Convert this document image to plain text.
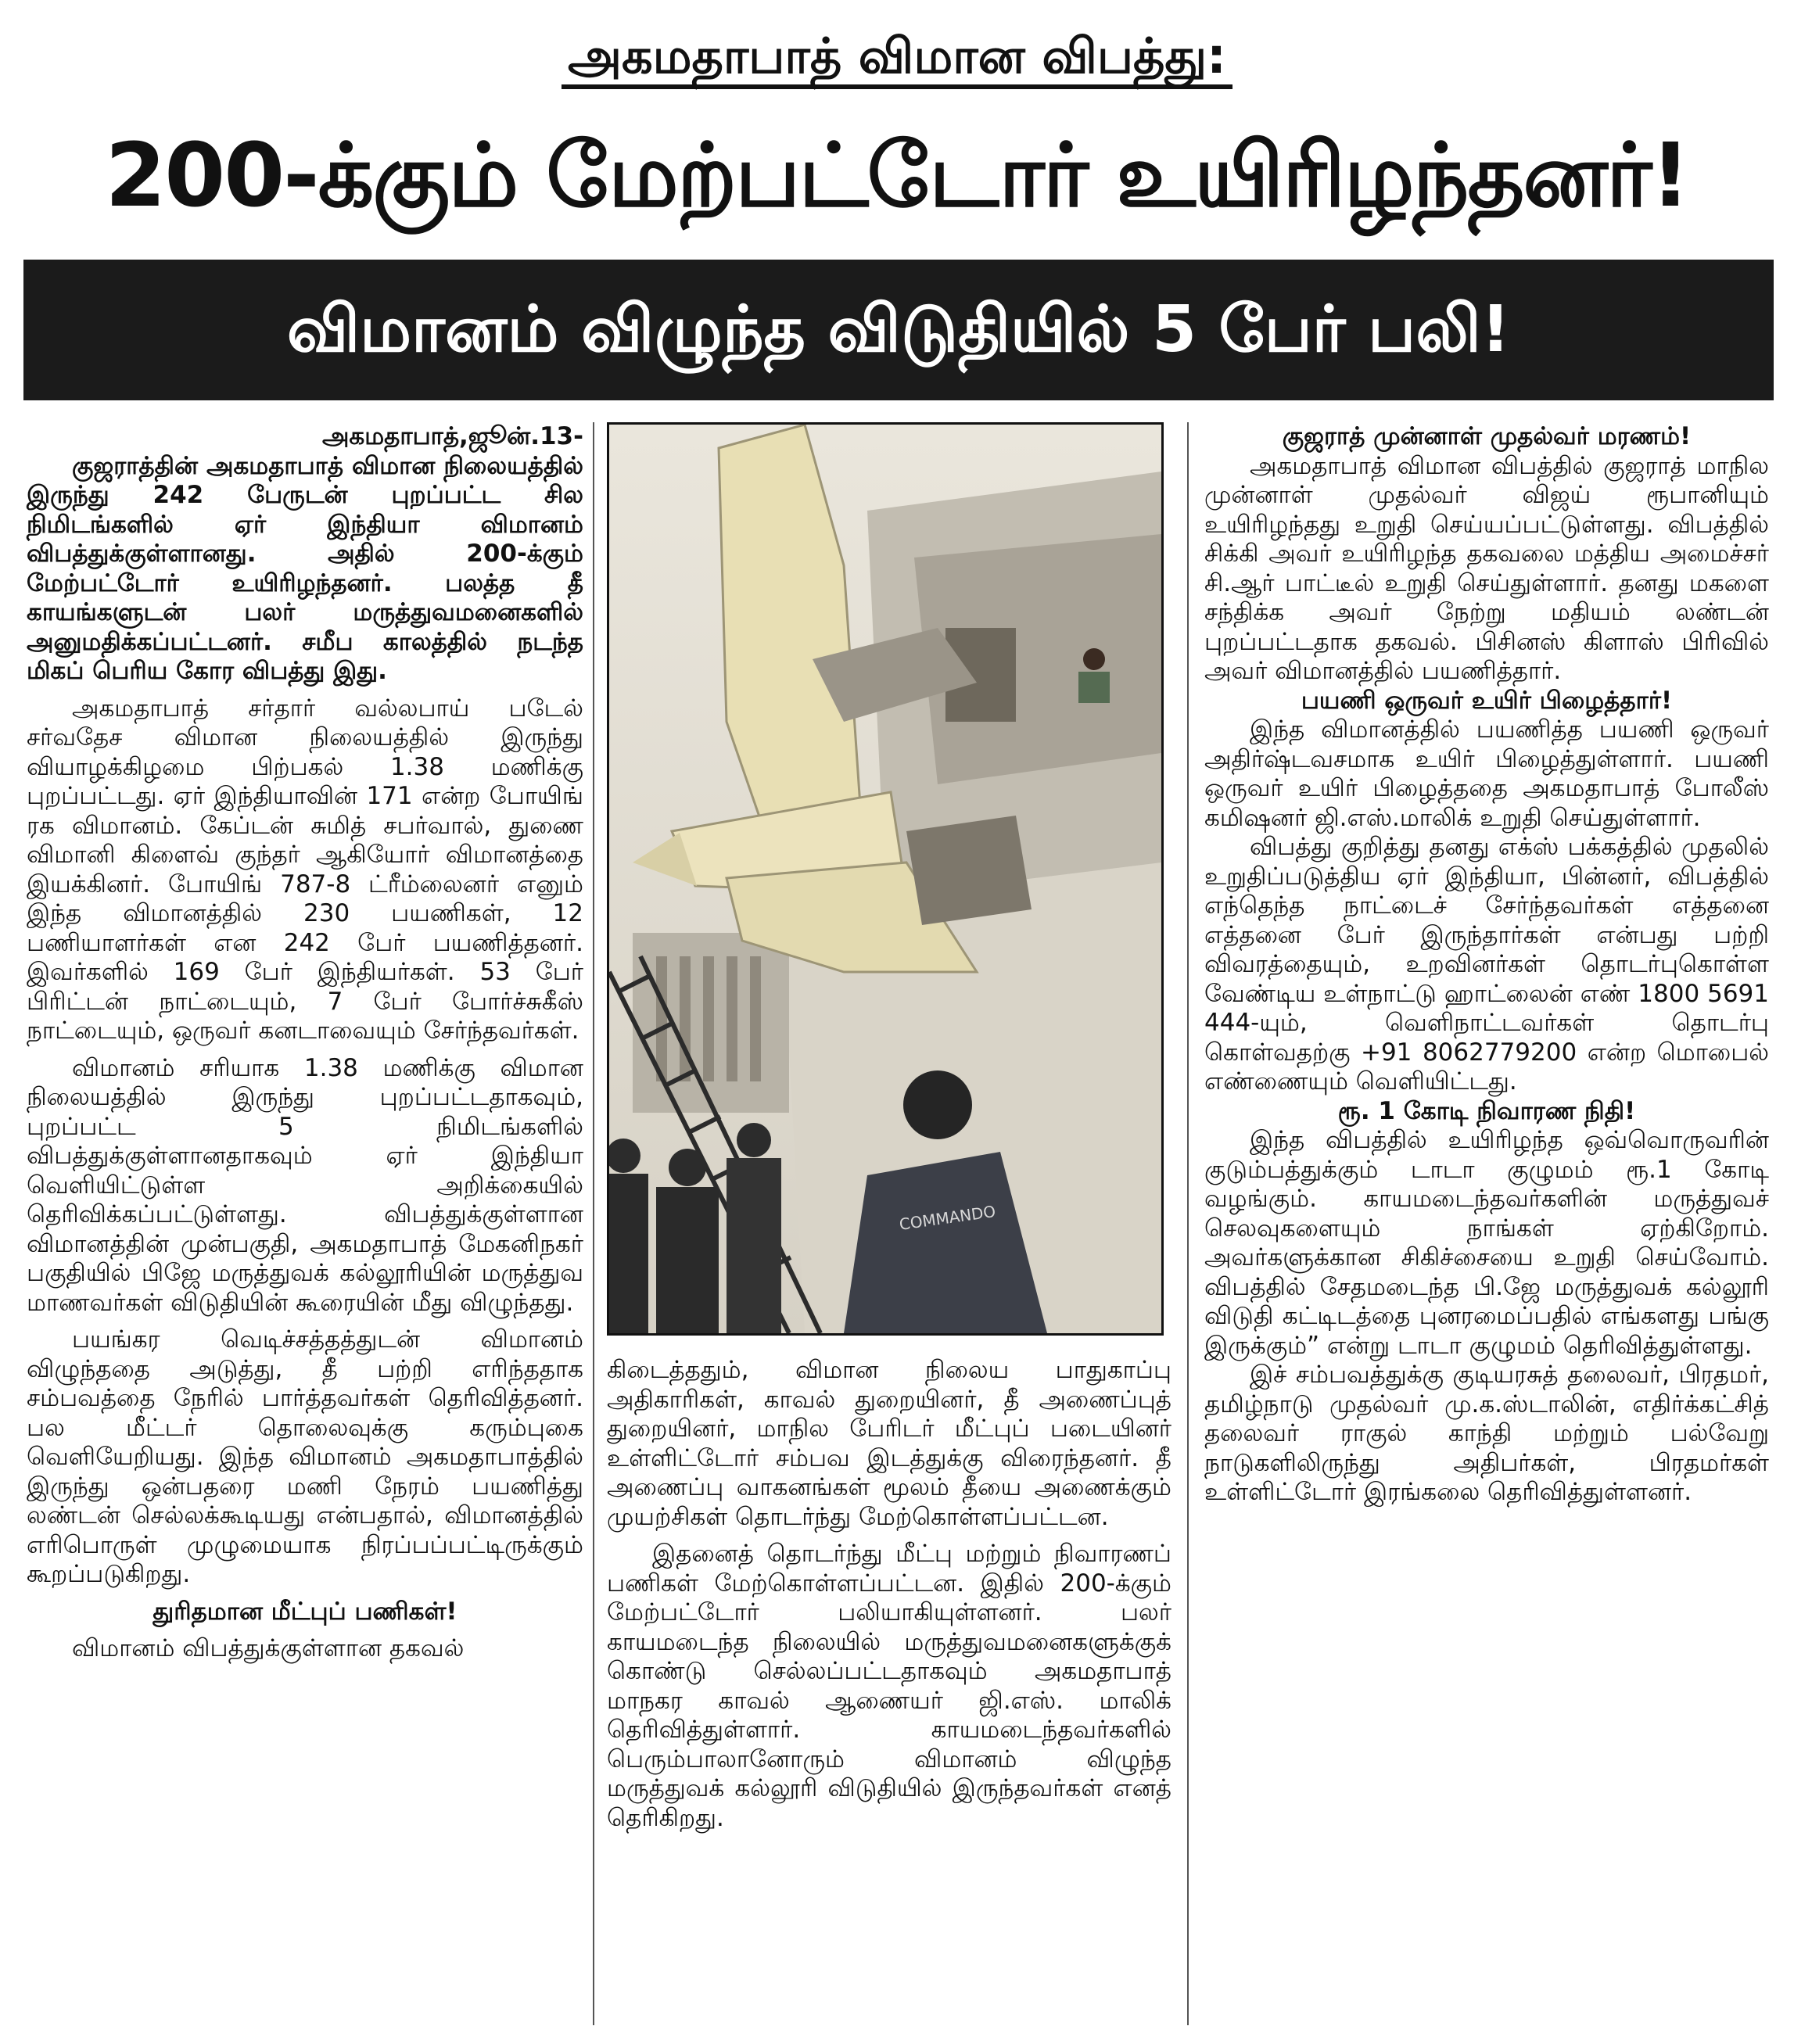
அகமதாபாத் விமான விபத்து:
200-க்கும் மேற்பட்டோர் உயிரிழந்தனர்!
விமானம் விழுந்த விடுதியில் 5 பேர் பலி!

அகமதாபாத்,ஜூன்.13-

குஜராத்தின் அகமதாபாத் விமான நிலையத்தில் இருந்து 242 பேருடன் புறப்பட்ட சில நிமிடங்களில் ஏர் இந்தியா விமானம் விபத்துக்குள்ளானது. அதில் 200-க்கும் மேற்பட்டோர் உயிரிழந்தனர். பலத்த தீ காயங்களுடன் பலர் மருத்துவமனைகளில் அனுமதிக்கப்பட்டனர். சமீப காலத்தில் நடந்த மிகப் பெரிய கோர விபத்து இது.

அகமதாபாத் சர்தார் வல்லபாய் படேல் சர்வதேச விமான நிலையத்தில் இருந்து வியாழக்கிழமை பிற்பகல் 1.38 மணிக்கு புறப்பட்டது. ஏர் இந்தியாவின் 171 என்ற போயிங் ரக விமானம். கேப்டன் சுமித் சபர்வால், துணை விமானி கிளைவ் குந்தர் ஆகியோர் விமானத்தை இயக்கினர். போயிங் 787-8 ட்ரீம்லைனர் எனும் இந்த விமானத்தில் 230 பயணிகள், 12 பணியாளர்கள் என 242 பேர் பயணித்தனர். இவர்களில் 169 பேர் இந்தியர்கள். 53 பேர் பிரிட்டன் நாட்டையும், 7 பேர் போர்ச்சுகீஸ் நாட்டையும், ஒருவர் கனடாவையும் சேர்ந்தவர்கள்.

விமானம் சரியாக 1.38 மணிக்கு விமான நிலையத்தில் இருந்து புறப்பட்டதாகவும், புறப்பட்ட 5 நிமிடங்களில் விபத்துக்குள்ளானதாகவும் ஏர் இந்தியா வெளியிட்டுள்ள அறிக்கையில் தெரிவிக்கப்பட்டுள்ளது. விபத்துக்குள்ளான விமானத்தின் முன்பகுதி, அகமதாபாத் மேகனிநகர் பகுதியில் பிஜே மருத்துவக் கல்லூரியின் மருத்துவ மாணவர்கள் விடுதியின் கூரையின் மீது விழுந்தது.

பயங்கர வெடிச்சத்தத்துடன் விமானம் விழுந்ததை அடுத்து, தீ பற்றி எரிந்ததாக சம்பவத்தை நேரில் பார்த்தவர்கள் தெரிவித்தனர். பல மீட்டர் தொலைவுக்கு கரும்புகை வெளியேறியது. இந்த விமானம் அகமதாபாத்தில் இருந்து ஒன்பதரை மணி நேரம் பயணித்து லண்டன் செல்லக்கூடியது என்பதால், விமானத்தில் எரிபொருள் முழுமையாக நிரப்பப்பட்டிருக்கும் கூறப்படுகிறது.

துரிதமான மீட்புப் பணிகள்!

விமானம் விபத்துக்குள்ளான தகவல்

COMMANDO

கிடைத்ததும், விமான நிலைய பாதுகாப்பு அதிகாரிகள், காவல் துறையினர், தீ அணைப்புத் துறையினர், மாநில பேரிடர் மீட்புப் படையினர் உள்ளிட்டோர் சம்பவ இடத்துக்கு விரைந்தனர். தீ அணைப்பு வாகனங்கள் மூலம் தீயை அணைக்கும் முயற்சிகள் தொடர்ந்து மேற்கொள்ளப்பட்டன.

இதனைத் தொடர்ந்து மீட்பு மற்றும் நிவாரணப் பணிகள் மேற்கொள்ளப்பட்டன. இதில் 200-க்கும் மேற்பட்டோர் பலியாகியுள்ளனர். பலர் காயமடைந்த நிலையில் மருத்துவமனைகளுக்குக் கொண்டு செல்லப்பட்டதாகவும் அகமதாபாத் மாநகர காவல் ஆணையர் ஜி.எஸ். மாலிக் தெரிவித்துள்ளார். காயமடைந்தவர்களில் பெரும்பாலானோரும் விமானம் விழுந்த மருத்துவக் கல்லூரி விடுதியில் இருந்தவர்கள் எனத் தெரிகிறது.

குஜராத் முன்னாள் முதல்வர் மரணம்!

அகமதாபாத் விமான விபத்தில் குஜராத் மாநில முன்னாள் முதல்வர் விஜய் ரூபானியும் உயிரிழந்தது உறுதி செய்யப்பட்டுள்ளது. விபத்தில் சிக்கி அவர் உயிரிழந்த தகவலை மத்திய அமைச்சர் சி.ஆர் பாட்டீல் உறுதி செய்துள்ளார். தனது மகளை சந்திக்க அவர் நேற்று மதியம் லண்டன் புறப்பட்டதாக தகவல். பிசினஸ் கிளாஸ் பிரிவில் அவர் விமானத்தில் பயணித்தார்.

பயணி ஒருவர் உயிர் பிழைத்தார்!

இந்த விமானத்தில் பயணித்த பயணி ஒருவர் அதிர்ஷ்டவசமாக உயிர் பிழைத்துள்ளார். பயணி ஒருவர் உயிர் பிழைத்ததை அகமதாபாத் போலீஸ் கமிஷனர் ஜி.எஸ்.மாலிக் உறுதி செய்துள்ளார்.

விபத்து குறித்து தனது எக்ஸ் பக்கத்தில் முதலில் உறுதிப்படுத்திய ஏர் இந்தியா, பின்னர், விபத்தில் எந்தெந்த நாட்டைச் சேர்ந்தவர்கள் எத்தனை எத்தனை பேர் இருந்தார்கள் என்பது பற்றி விவரத்தையும், உறவினர்கள் தொடர்புகொள்ள வேண்டிய உள்நாட்டு ஹாட்லைன் எண் 1800 5691 444-யும், வெளிநாட்டவர்கள் தொடர்பு கொள்வதற்கு +91 8062779200 என்ற மொபைல் எண்ணையும் வெளியிட்டது.

ரூ. 1 கோடி நிவாரண நிதி!

இந்த விபத்தில் உயிரிழந்த ஒவ்வொருவரின் குடும்பத்துக்கும் டாடா குழுமம் ரூ.1 கோடி வழங்கும். காயமடைந்தவர்களின் மருத்துவச் செலவுகளையும் நாங்கள் ஏற்கிறோம். அவர்களுக்கான சிகிச்சையை உறுதி செய்வோம். விபத்தில் சேதமடைந்த பி.ஜே மருத்துவக் கல்லூரி விடுதி கட்டிடத்தை புனரமைப்பதில் எங்களது பங்கு இருக்கும்” என்று டாடா குழுமம் தெரிவித்துள்ளது.

இச் சம்பவத்துக்கு குடியரசுத் தலைவர், பிரதமர், தமிழ்நாடு முதல்வர் மு.க.ஸ்டாலின், எதிர்க்கட்சித் தலைவர் ராகுல் காந்தி மற்றும் பல்வேறு நாடுகளிலிருந்து அதிபர்கள், பிரதமர்கள் உள்ளிட்டோர் இரங்கலை தெரிவித்துள்ளனர்.
